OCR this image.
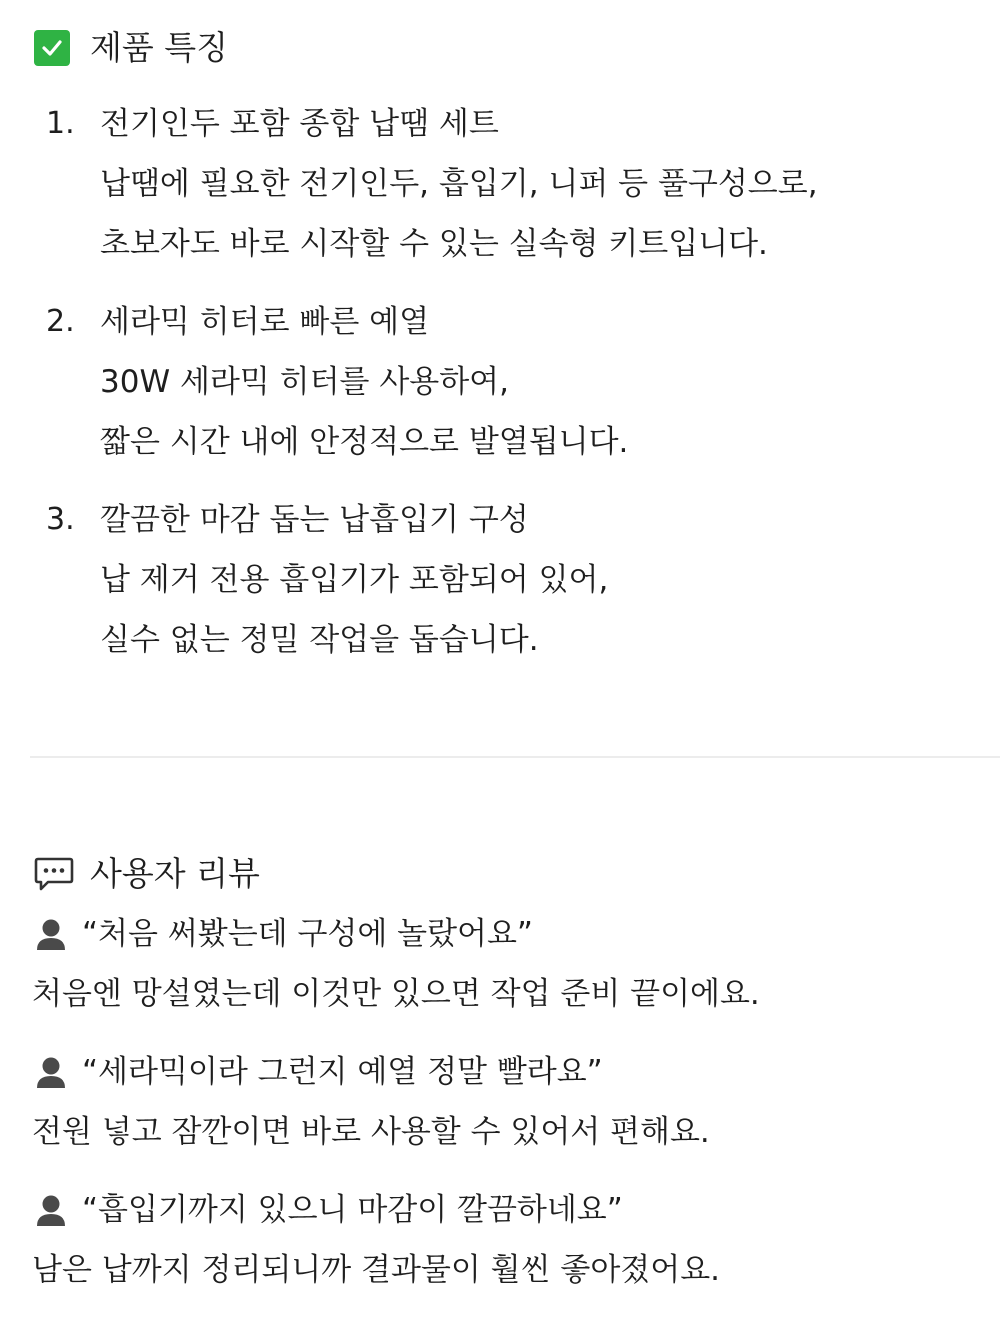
제품 특징
1. 전기인두 포함 종합 납땜 세트
납땜에 필요한 전기인두, 흡입기, 니퍼 등 풀구성으로,
초보자도 바로 시작할 수 있는 실속형 키트입니다.
2. 세라믹 히터로 빠른 예열
30W 세라믹 히터를 사용하여,
짧은 시간 내에 안정적으로 발열됩니다.
3. 깔끔한 마감 돕는 납흡입기 구성
납 제거 전용 흡입기가 포함되어 있어,
실수 없는 정밀 작업을 돕습니다.
사용자 리뷰
“처음 써봤는데 구성에 놀랐어요”
처음엔 망설였는데 이것만 있으면 작업 준비 끝이에요.
“세라믹이라 그런지 예열 정말 빨라요”
전원 넣고 잠깐이면 바로 사용할 수 있어서 편해요.
“흡입기까지 있으니 마감이 깔끔하네요”
남은 납까지 정리되니까 결과물이 훨씬 좋아졌어요.
